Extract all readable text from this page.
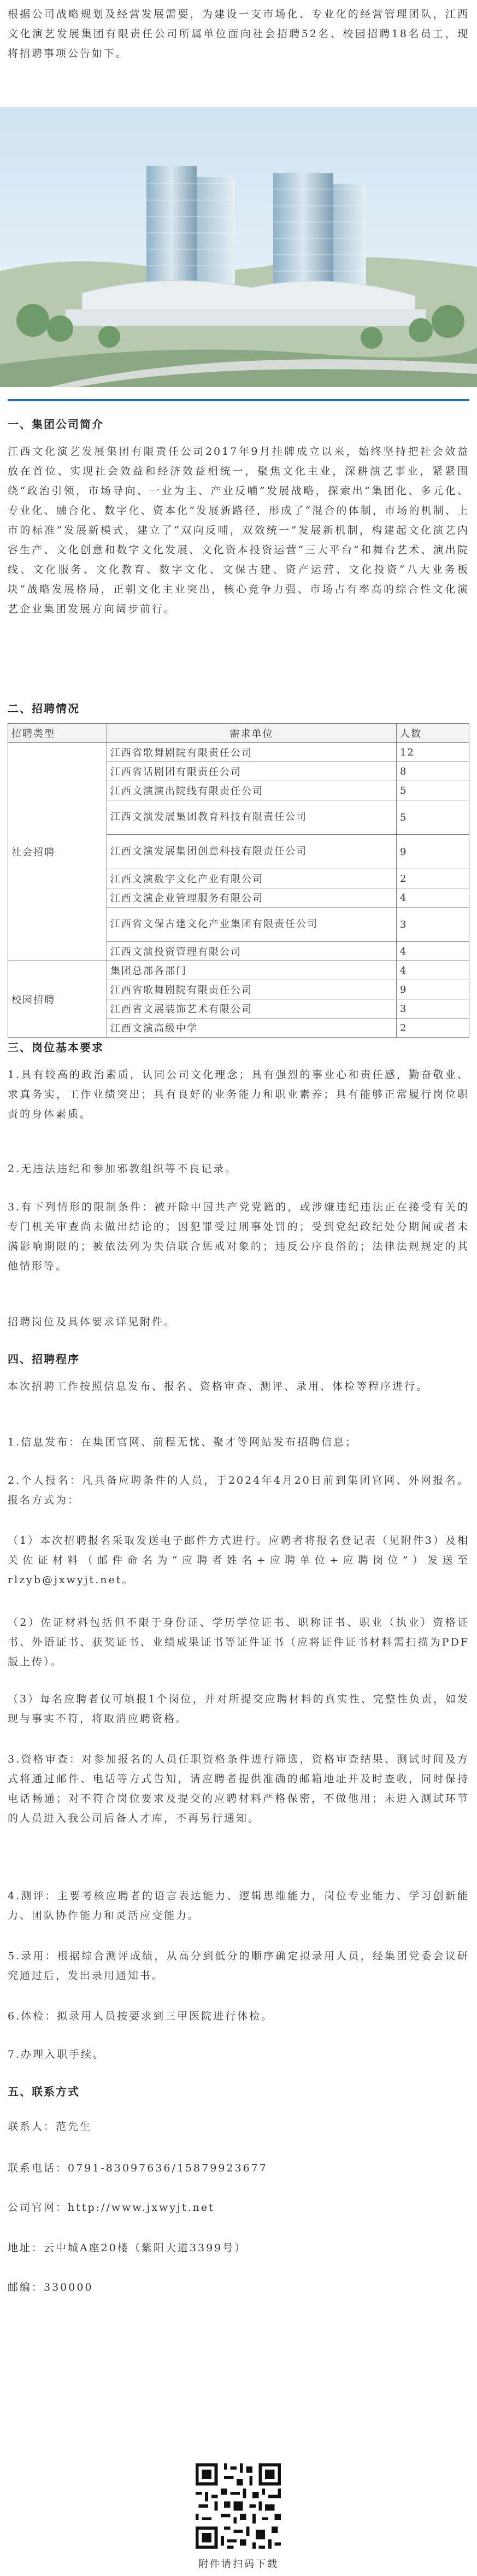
根据公司战略规划及经营发展需要，为建设一支市场化、专业化的经营管理团队，江西文化演艺发展集团有限责任公司所属单位面向社会招聘52名、校园招聘18名员工，现将招聘事项公告如下。

一、集团公司简介

江西文化演艺发展集团有限责任公司2017年9月挂牌成立以来，始终坚持把社会效益放在首位、实现社会效益和经济效益相统一，聚焦文化主业，深耕演艺事业，紧紧围绕“政治引领，市场导向、一业为主、产业反哺”发展战略，探索出“集团化、多元化、专业化、融合化、数字化、资本化”发展新路径，形成了“混合的体制，市场的机制、上市的标准”发展新模式，建立了“双向反哺，双效统一”发展新机制，构建起文化演艺内容生产、文化创意和数字文化发展、文化资本投资运营“三大平台”和舞台艺术、演出院线、文化服务、文化教育、数字文化、文保古建、资产运营、文化投资“八大业务板块”战略发展格局，正朝文化主业突出，核心竞争力强、市场占有率高的综合性文化演艺企业集团发展方向阔步前行。

二、招聘情况
招聘类型	需求单位	人数
社会招聘	江西省歌舞剧院有限责任公司	12
	江西省话剧团有限责任公司	8
	江西文演演出院线有限责任公司	5
	江西文演发展集团教育科技有限责任公司	5
	江西文演发展集团创意科技有限责任公司	9
	江西文演数字文化产业有限公司	2
	江西文演企业管理服务有限公司	4
	江西省文保古建文化产业集团有限责任公司	3
	江西文演投资管理有限公司	4
校园招聘	集团总部各部门	4
	江西省歌舞剧院有限责任公司	9
	江西省文展装饰艺术有限公司	3
	江西文演高级中学	2
三、岗位基本要求

1.具有较高的政治素质，认同公司文化理念；具有强烈的事业心和责任感，勤奋敬业、求真务实，工作业绩突出；具有良好的业务能力和职业素养；具有能够正常履行岗位职责的身体素质。

2.无违法违纪和参加邪教组织等不良记录。

3.有下列情形的限制条件：被开除中国共产党党籍的，或涉嫌违纪违法正在接受有关的专门机关审查尚未做出结论的；因犯罪受过刑事处罚的；受到党纪政纪处分期间或者未满影响期限的；被依法列为失信联合惩戒对象的；违反公序良俗的；法律法规规定的其他情形等。

招聘岗位及具体要求详见附件。

四、招聘程序

本次招聘工作按照信息发布、报名、资格审查、测评、录用、体检等程序进行。

1.信息发布：在集团官网、前程无忧、聚才等网站发布招聘信息；

2.个人报名：凡具备应聘条件的人员，于2024年4月20日前到集团官网、外网报名。报名方式为：

（1）本次招聘报名采取发送电子邮件方式进行。应聘者将报名登记表（见附件3）及相关佐证材料（邮件命名为“应聘者姓名+应聘单位+应聘岗位”）发送至rlzyb@jxwyjt.net。

（2）佐证材料包括但不限于身份证、学历学位证书、职称证书、职业（执业）资格证书、外语证书、获奖证书、业绩成果证书等证件证书（应将证件证书材料需扫描为PDF版上传）。

（3）每名应聘者仅可填报1个岗位，并对所提交应聘材料的真实性、完整性负责，如发现与事实不符，将取消应聘资格。

3.资格审查：对参加报名的人员任职资格条件进行筛选，资格审查结果、测试时间及方式将通过邮件、电话等方式告知，请应聘者提供准确的邮箱地址并及时查收，同时保持电话畅通；对不符合岗位要求及提交的应聘材料严格保密，不做他用；未进入测试环节的人员进入我公司后备人才库，不再另行通知。

4.测评：主要考核应聘者的语言表达能力、逻辑思维能力，岗位专业能力、学习创新能力、团队协作能力和灵活应变能力。

5.录用：根据综合测评成绩，从高分到低分的顺序确定拟录用人员，经集团党委会议研究通过后，发出录用通知书。

6.体检：拟录用人员按要求到三甲医院进行体检。

7.办理入职手续。

五、联系方式

联系人：范先生

联系电话：0791-83097636/15879923677

公司官网：http://www.jxwyjt.net

地址：云中城A座20楼（紫阳大道3399号）

邮编：330000

附件请扫码下载
